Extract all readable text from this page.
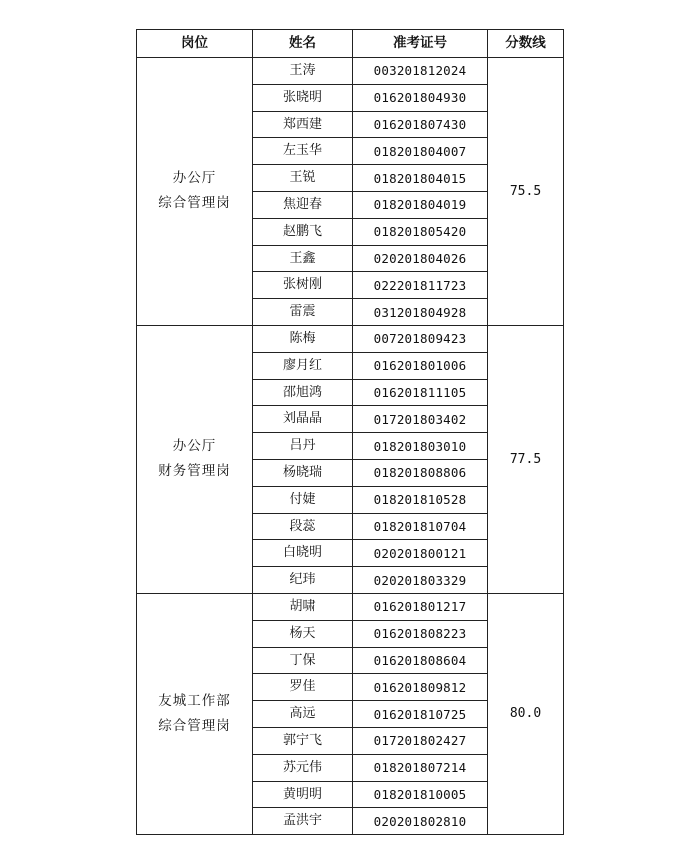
岗位	姓名	准考证号	分数线

办公厅
综合管理岗	王涛	003201812024	75.5
	张晓明	016201804930	
	郑西建	016201807430	
	左玉华	018201804007	
	王锐	018201804015	
	焦迎春	018201804019	
	赵鹏飞	018201805420	
	王鑫	020201804026	
	张树刚	022201811723	
	雷震	031201804928	

办公厅
财务管理岗	陈梅	007201809423	77.5
	廖月红	016201801006	
	邵旭鸿	016201811105	
	刘晶晶	017201803402	
	吕丹	018201803010	
	杨晓瑞	018201808806	
	付婕	018201810528	
	段蕊	018201810704	
	白晓明	020201800121	
	纪玮	020201803329	

友城工作部
综合管理岗	胡啸	016201801217	80.0
	杨天	016201808223	
	丁保	016201808604	
	罗佳	016201809812	
	高远	016201810725	
	郭宁飞	017201802427	
	苏元伟	018201807214	
	黄明明	018201810005	
	孟洪宇	020201802810	
